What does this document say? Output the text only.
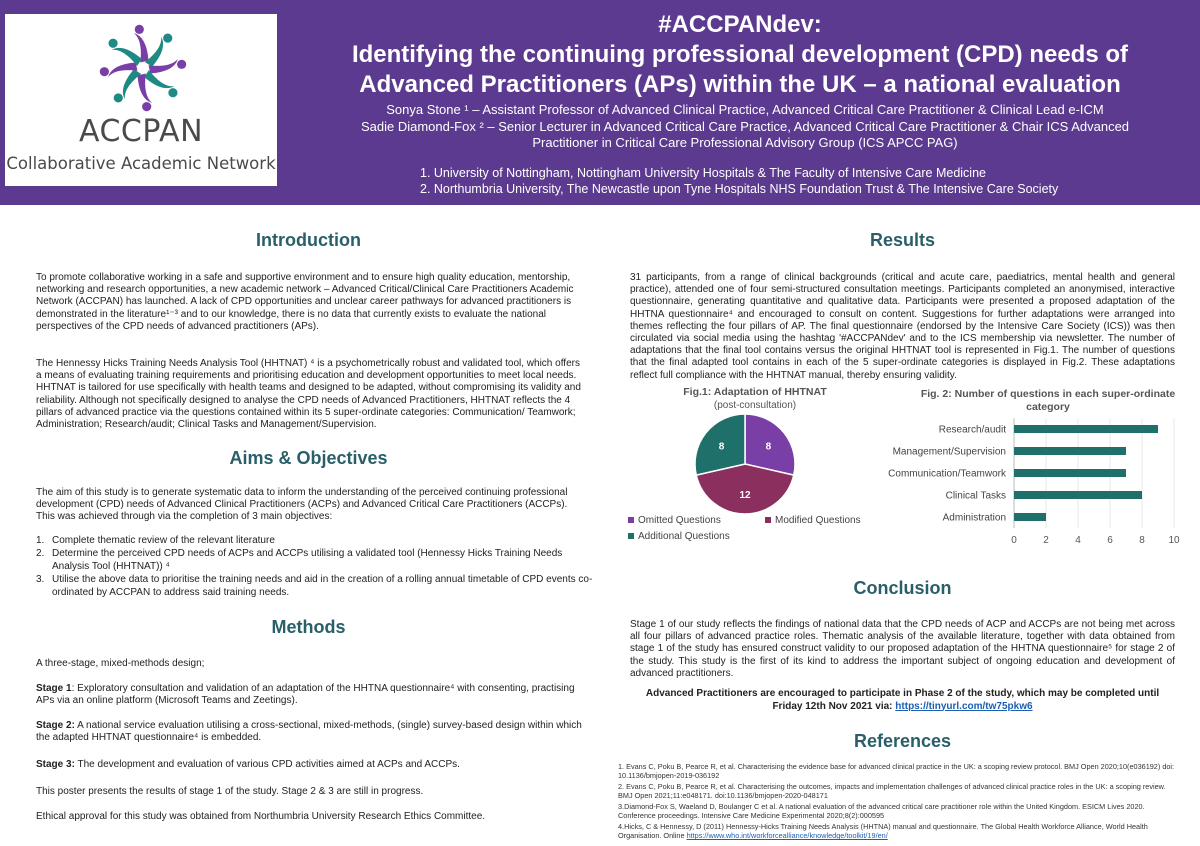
ACCPAN
Collaborative Academic Network
#ACCPANdev:
Identifying the continuing professional development (CPD) needs of
Advanced Practitioners (APs) within the UK – a national evaluation
Sonya Stone ¹ – Assistant Professor of Advanced Clinical Practice, Advanced Critical Care Practitioner & Clinical Lead e-ICM
Sadie Diamond-Fox ² – Senior Lecturer in Advanced Critical Care Practice, Advanced Critical Care Practitioner & Chair ICS Advanced
Practitioner in Critical Care Professional Advisory Group (ICS APCC PAG)
1. University of Nottingham, Nottingham University Hospitals & The Faculty of Intensive Care Medicine
2. Northumbria University, The Newcastle upon Tyne Hospitals NHS Foundation Trust & The Intensive Care Society
Introduction
To promote collaborative working in a safe and supportive environment and to ensure high quality education, mentorship, networking and research opportunities, a new academic network – Advanced Critical/Clinical Care Practitioners Academic Network (ACCPAN) has launched. A lack of CPD opportunities and unclear career pathways for advanced practitioners is demonstrated in the literature¹⁻³ and to our knowledge, there is no data that currently exists to evaluate the national perspectives of the CPD needs of advanced practitioners (APs).
The Hennessy Hicks Training Needs Analysis Tool (HHTNAT) ⁴ is a psychometrically robust and validated tool, which offers a means of evaluating training requirements and prioritising education and development opportunities to meet local needs. HHTNAT is tailored for use specifically with health teams and designed to be adapted, without compromising its validity and reliability. Although not specifically designed to analyse the CPD needs of Advanced Practitioners, HHTNAT reflects the 4 pillars of advanced practice via the questions contained within its 5 super-ordinate categories: Communication/ Teamwork; Administration; Research/audit; Clinical Tasks and Management/Supervision.
Aims & Objectives
The aim of this study is to generate systematic data to inform the understanding of the perceived continuing professional development (CPD) needs of Advanced Clinical Practitioners (ACPs) and Advanced Critical Care Practitioners (ACCPs). This was achieved through via the completion of 3 main objectives:
1. Complete thematic review of the relevant literature
2. Determine the perceived CPD needs of ACPs and ACCPs utilising a validated tool (Hennessy Hicks Training Needs Analysis Tool (HHTNAT)) ⁴
3. Utilise the above data to prioritise the training needs and aid in the creation of a rolling annual timetable of CPD events co-ordinated by ACCPAN to address said training needs.
Methods
A three-stage, mixed-methods design;
Stage 1: Exploratory consultation and validation of an adaptation of the HHTNA questionnaire⁴ with consenting, practising APs via an online platform (Microsoft Teams and Zeetings).
Stage 2: A national service evaluation utilising a cross-sectional, mixed-methods, (single) survey-based design within which the adapted HHTNAT questionnaire⁴ is embedded.
Stage 3: The development and evaluation of various CPD activities aimed at ACPs and ACCPs.
This poster presents the results of stage 1 of the study. Stage 2 & 3 are still in progress.
Ethical approval for this study was obtained from Northumbria University Research Ethics Committee.
Results
31 participants, from a range of clinical backgrounds (critical and acute care, paediatrics, mental health and general practice), attended one of four semi-structured consultation meetings. Participants completed an anonymised, interactive questionnaire, generating quantitative and qualitative data. Participants were presented a proposed adaptation of the HHTNA questionnaire⁴ and encouraged to consult on content. Suggestions for further adaptations were arranged into themes reflecting the four pillars of AP. The final questionnaire (endorsed by the Intensive Care Society (ICS)) was then circulated via social media using the hashtag '#ACCPANdev' and to the ICS membership via newsletter. The number of adaptations that the final tool contains versus the original HHTNAT tool is represented in Fig.1. The number of questions that the final adapted tool contains in each of the 5 super-ordinate categories is displayed in Fig.2. These adaptations reflect full compliance with the HHTNAT manual, thereby ensuring validity.
Fig.1: Adaptation of HHTNAT
(post-consultation)
8
12
8
Omitted Questions	Modified Questions
Additional Questions
Fig. 2: Number of questions in each super-ordinate category
0	2	4	6	8 10
Research/audit
Management/Supervision
Communication/Teamwork
Clinical Tasks
Administration
Conclusion
Stage 1 of our study reflects the findings of national data that the CPD needs of ACP and ACCPs are not being met across all four pillars of advanced practice roles. Thematic analysis of the available literature, together with data obtained from stage 1 of the study has ensured construct validity to our proposed adaptation of the HHTNA questionnaire⁵ for stage 2 of the study. This study is the first of its kind to address the important subject of ongoing education and development of advanced practitioners.
Advanced Practitioners are encouraged to participate in Phase 2 of the study, which may be completed until
Friday 12th Nov 2021 via: https://tinyurl.com/tw75pkw6
References
1. Evans C, Poku B, Pearce R, et al. Characterising the evidence base for advanced clinical practice in the UK: a scoping review protocol. BMJ Open 2020;10(e036192) doi: 10.1136/bmjopen-2019-036192
2. Evans C, Poku B, Pearce R, et al. Characterising the outcomes, impacts and implementation challenges of advanced clinical practice roles in the UK: a scoping review. BMJ Open 2021;11:e048171. doi:10.1136/bmjopen-2020-048171
3.Diamond-Fox S, Waeland D, Boulanger C et al. A national evaluation of the advanced critical care practitioner role within the United Kingdom. ESICM Lives 2020. Conference proceedings. Intensive Care Medicine Experimental 2020;8(2):000595
4.Hicks, C & Hennessy, D (2011) Hennessy-Hicks Training Needs Analysis (HHTNA) manual and questionnaire. The Global Health Workforce Alliance, World Health Organisation. Online https://www.who.int/workforcealliance/knowledge/toolkit/19/en/
